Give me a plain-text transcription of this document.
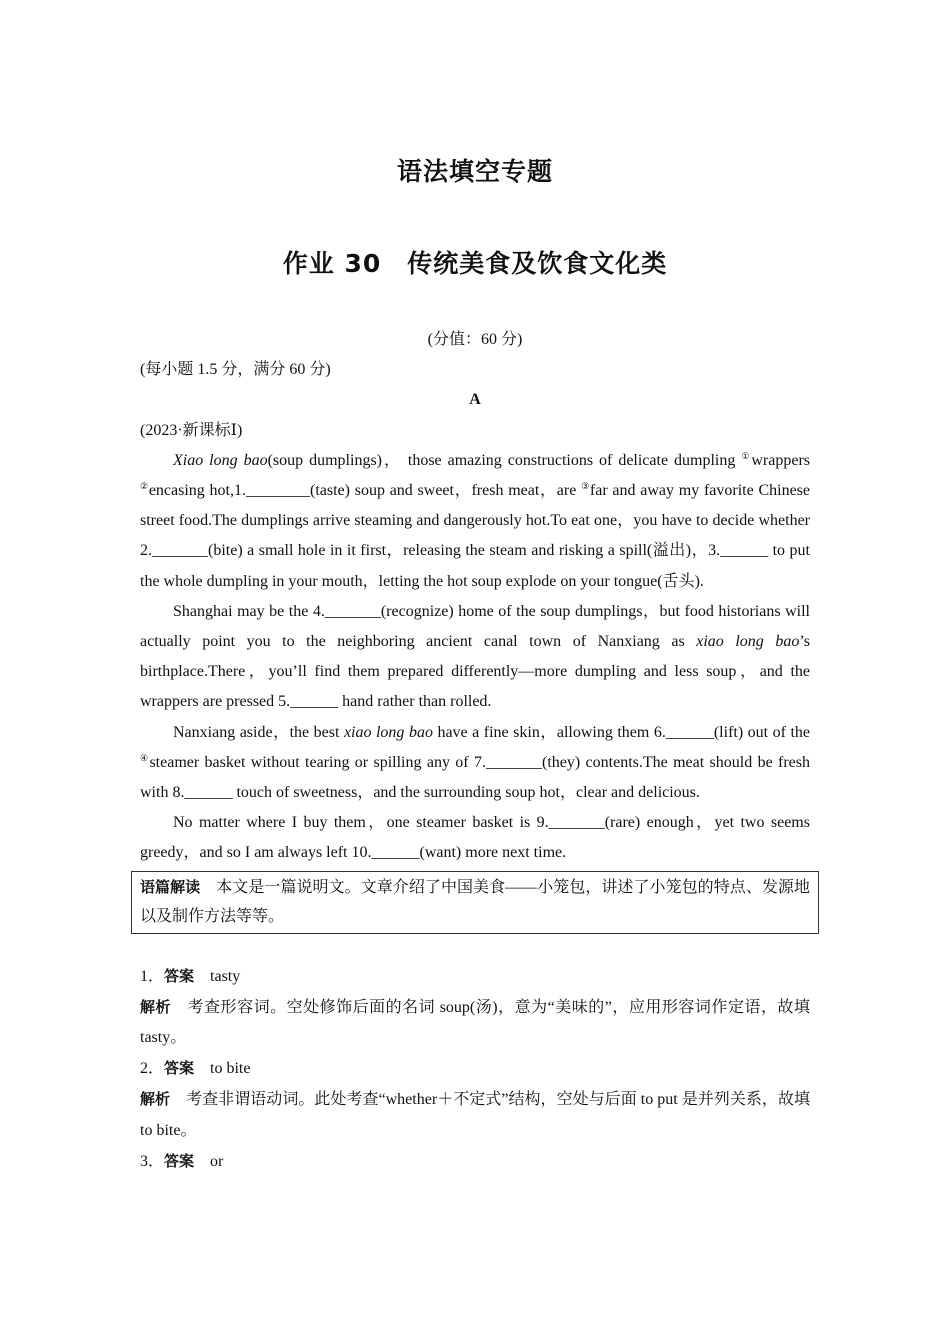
语法填空专题
作业 30　传统美食及饮食文化类

(分值：60 分)

(每小题 1.5 分，满分 60 分)

A

(2023·新课标Ⅰ)

Xiao long bao(soup dumplings)， those amazing constructions of delicate dumpling ①wrappers ②encasing hot,1.________(taste) soup and sweet，fresh meat，are ③far and away my favorite Chinese street food.The dumplings arrive steaming and dangerously hot.To eat one，you have to decide whether 2._______(bite) a small hole in it first，releasing the steam and risking a spill(溢出)，3.______ to put the whole dumpling in your mouth，letting the hot soup explode on your tongue(舌头).

Shanghai may be the 4._______(recognize) home of the soup dumplings，but food historians will actually point you to the neighboring ancient canal town of Nanxiang as xiao long bao’s birthplace.There，you’ll find them prepared differently—more dumpling and less soup，and the wrappers are pressed 5.______ hand rather than rolled.

Nanxiang aside，the best xiao long bao have a fine skin，allowing them 6.______(lift) out of the ④steamer basket without tearing or spilling any of 7._______(they) contents.The meat should be fresh with 8.______ touch of sweetness，and the surrounding soup hot，clear and delicious.

No matter where I buy them，one steamer basket is 9._______(rare) enough，yet two seems greedy，and so I am always left 10.______(want) more next time.

语篇解读　本文是一篇说明文。文章介绍了中国美食——小笼包，讲述了小笼包的特点、发源地以及制作方法等等。

1．答案　tasty

解析　考查形容词。空处修饰后面的名词 soup(汤)，意为“美味的”，应用形容词作定语，故填 tasty。

2．答案　to bite

解析　考查非谓语动词。此处考查“whether＋不定式”结构，空处与后面 to put 是并列关系，故填 to bite。

3．答案　or
